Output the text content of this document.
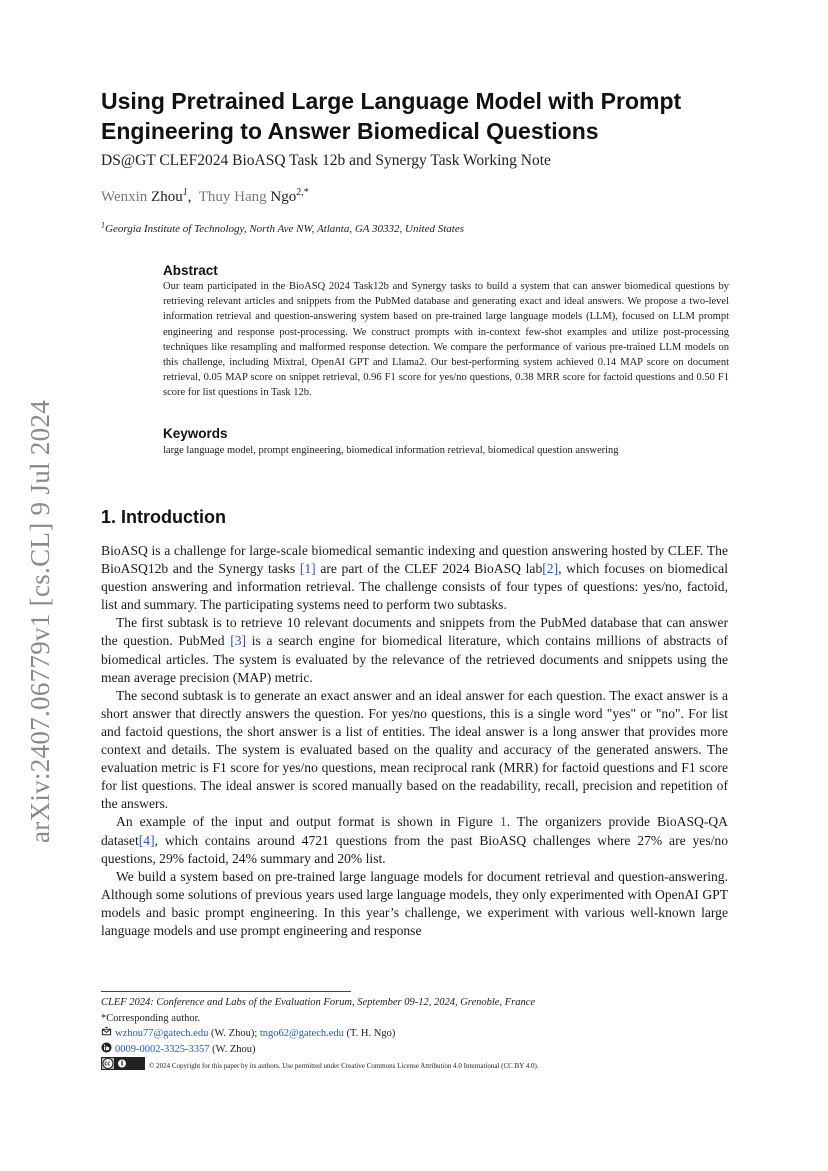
arXiv:2407.06779v1 [cs.CL] 9 Jul 2024
Using Pretrained Large Language Model with Prompt Engineering to Answer Biomedical Questions
DS@GT CLEF2024 BioASQ Task 12b and Synergy Task Working Note
Wenxin Zhou$^1$, Thuy Hang Ngo$^{2,*}$
$^1$Georgia Institute of Technology, North Ave NW, Atlanta, GA 30332, United States
Abstract
Our team participated in the BioASQ 2024 Task12b and Synergy tasks to build a system that can answer biomedical questions by retrieving relevant articles and snippets from the PubMed database and generating exact and ideal answers. We propose a two-level information retrieval and question-answering system based on pre-trained large language models (LLM), focused on LLM prompt engineering and response post-processing. We construct prompts with in-context few-shot examples and utilize post-processing techniques like resampling and malformed response detection. We compare the performance of various pre-trained LLM models on this challenge, including Mixtral, OpenAI GPT and Llama2. Our best-performing system achieved 0.14 MAP score on document retrieval, 0.05 MAP score on snippet retrieval, 0.96 F1 score for yes/no questions, 0.38 MRR score for factoid questions and 0.50 F1 score for list questions in Task 12b.
Keywords
large language model, prompt engineering, biomedical information retrieval, biomedical question answering
1. Introduction

BioASQ is a challenge for large-scale biomedical semantic indexing and question answering hosted by CLEF. The BioASQ12b and the Synergy tasks [1] are part of the CLEF 2024 BioASQ lab[2], which focuses on biomedical question answering and information retrieval. The challenge consists of four types of questions: yes/no, factoid, list and summary. The participating systems need to perform two subtasks.

The first subtask is to retrieve 10 relevant documents and snippets from the PubMed database that can answer the question. PubMed [3] is a search engine for biomedical literature, which contains millions of abstracts of biomedical articles. The system is evaluated by the relevance of the retrieved documents and snippets using the mean average precision (MAP) metric.

The second subtask is to generate an exact answer and an ideal answer for each question. The exact answer is a short answer that directly answers the question. For yes/no questions, this is a single word "yes" or "no". For list and factoid questions, the short answer is a list of entities. The ideal answer is a long answer that provides more context and details. The system is evaluated based on the quality and accuracy of the generated answers. The evaluation metric is F1 score for yes/no questions, mean reciprocal rank (MRR) for factoid questions and F1 score for list questions. The ideal answer is scored manually based on the readability, recall, precision and repetition of the answers.

An example of the input and output format is shown in Figure 1. The organizers provide BioASQ-QA dataset[4], which contains around 4721 questions from the past BioASQ challenges where 27% are yes/no questions, 29% factoid, 24% summary and 20% list.

We build a system based on pre-trained large language models for document retrieval and question-answering. Although some solutions of previous years used large language models, they only experimented with OpenAI GPT models and basic prompt engineering. In this year’s challenge, we experiment with various well-known large language models and use prompt engineering and response

CLEF 2024: Conference and Labs of the Evaluation Forum, September 09-12, 2024, Grenoble, France
*Corresponding author.
wzhou77@gatech.edu (W. Zhou); tngo62@gatech.edu (T. H. Ngo)
0009-0002-3325-3357 (W. Zhou)
© 2024 Copyright for this paper by its authors. Use permitted under Creative Commons License Attribution 4.0 International (CC BY 4.0).
